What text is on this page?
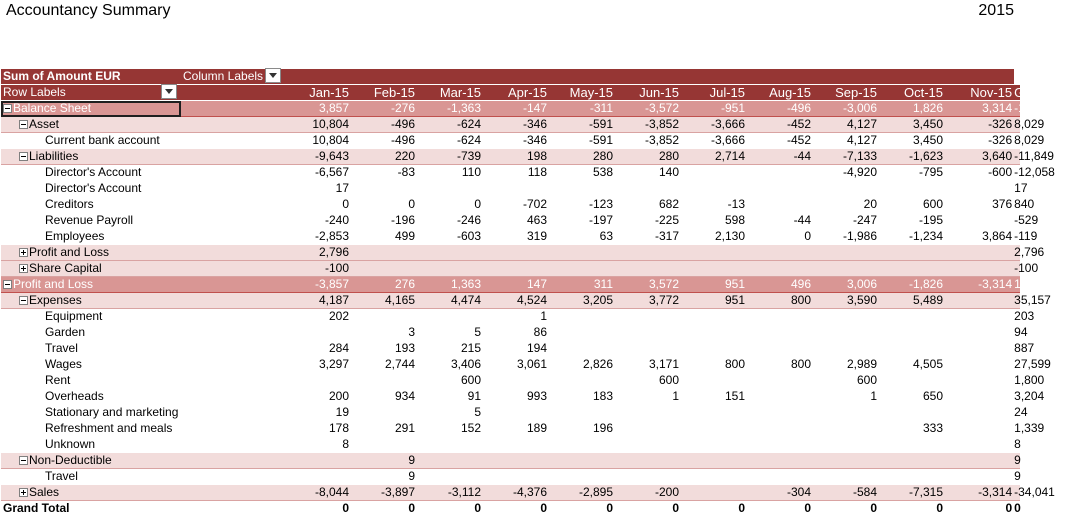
Accountancy Summary	2015
Sum of Amount EUR	Column Labels											
Row Labels	Jan-15	Feb-15	Mar-15	Apr-15	May-15	Jun-15	Jul-15	Aug-15	Sep-15	Oct-15	Nov-15	Grand Total
Balance Sheet	3,857	-276	-1,363	-147	-311	-3,572	-951	-496	-3,006	1,826	3,314	-1,124
Asset	10,804	-496	-624	-346	-591	-3,852	-3,666	-452	4,127	3,450	-326	8,029
Current bank account	10,804	-496	-624	-346	-591	-3,852	-3,666	-452	4,127	3,450	-326	8,029
Liabilities	-9,643	220	-739	198	280	280	2,714	-44	-7,133	-1,623	3,640	-11,849
Director's Account	-6,567	-83	110	118	538	140			-4,920	-795	-600	-12,058
Director's Account	17											17
Creditors	0	0	0	-702	-123	682	-13		20	600	376	840
Revenue Payroll	-240	-196	-246	463	-197	-225	598	-44	-247	-195		-529
Employees	-2,853	499	-603	319	63	-317	2,130	0	-1,986	-1,234	3,864	-119
Profit and Loss	2,796											2,796
Share Capital	-100											-100
Profit and Loss	-3,857	276	1,363	147	311	3,572	951	496	3,006	-1,826	-3,314	1,124
Expenses	4,187	4,165	4,474	4,524	3,205	3,772	951	800	3,590	5,489		35,157
Equipment	202			1								203
Garden		3	5	86								94
Travel	284	193	215	194								887
Wages	3,297	2,744	3,406	3,061	2,826	3,171	800	800	2,989	4,505		27,599
Rent			600			600			600			1,800
Overheads	200	934	91	993	183	1	151		1	650		3,204
Stationary and marketing	19		5									24
Refreshment and meals	178	291	152	189	196					333		1,339
Unknown	8											8
Non-Deductible		9										9
Travel		9										9
Sales	-8,044	-3,897	-3,112	-4,376	-2,895	-200		-304	-584	-7,315	-3,314	-34,041
Grand Total	0	0	0	0	0	0	0	0	0	0	0	0
